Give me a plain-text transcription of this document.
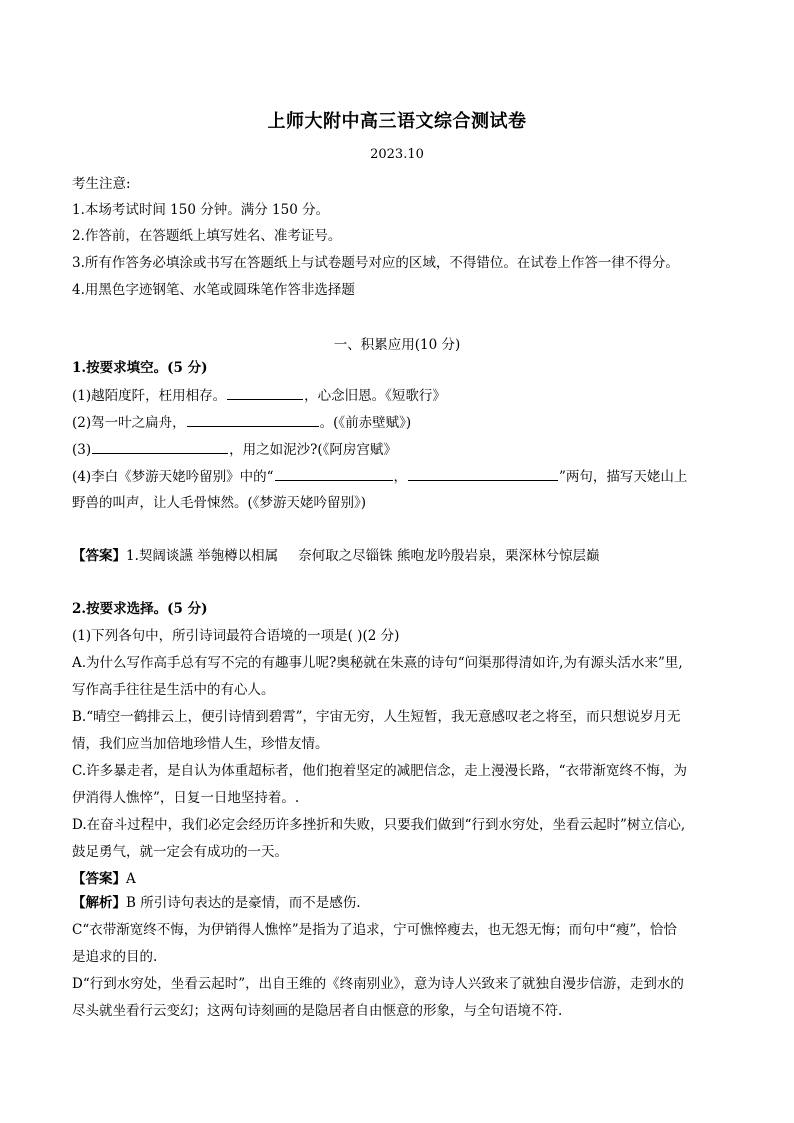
上师大附中高三语文综合测试卷
2023.10
考生注意:
1.本场考试时间 150 分钟。满分 150 分。
2.作答前，在答题纸上填写姓名、准考证号。
3.所有作答务必填涂或书写在答题纸上与试卷题号对应的区域，不得错位。在试卷上作答一律不得分。
4.用黑色字迹钢笔、水笔或圆珠笔作答非选择题
一、积累应用(10 分)
1.按要求填空。(5 分)
(1)越陌度阡，枉用相存。	，心念旧恩。《短歌行》
(2)驾一叶之扁舟，	。(《前赤壁赋》)
(3)	，用之如泥沙?(《阿房宫赋》
(4)李白《梦游天姥吟留别》中的“	，	”两句，描写天姥山上
野兽的叫声，让人毛骨悚然。(《梦游天姥吟留别》)
【答案】1.契阔谈讌 举匏樽以相属 奈何取之尽锱铢 熊咆龙吟殷岩泉，栗深林兮惊层巅
2.按要求选择。(5 分)
(1)下列各句中，所引诗词最符合语境的一项是( )(2 分)
A.为什么写作高手总有写不完的有趣事儿呢?奥秘就在朱熹的诗句“问渠那得清如许,为有源头活水来”里,
写作高手往往是生活中的有心人。
B.“晴空一鹤排云上，便引诗情到碧霄”，宇宙无穷，人生短暂，我无意感叹老之将至，而只想说岁月无
情，我们应当加倍地珍惜人生，珍惜友情。
C.许多暴走者，是自认为体重超标者，他们抱着坚定的减肥信念，走上漫漫长路，“衣带渐宽终不悔，为
伊消得人憔悴”，日复一日地坚持着。.
D.在奋斗过程中，我们必定会经历许多挫折和失败，只要我们做到“行到水穷处，坐看云起时”树立信心,
鼓足勇气，就一定会有成功的一天。
【答案】A
【解析】B 所引诗句表达的是豪情，而不是感伤.
C“衣带渐宽终不悔，为伊销得人憔悴”是指为了追求，宁可憔悴瘦去，也无怨无悔；而句中“瘦”，恰恰
是追求的目的.
D“行到水穷处，坐看云起时”，出自王维的《终南别业》，意为诗人兴致来了就独自漫步信游，走到水的
尽头就坐看行云变幻；这两句诗刻画的是隐居者自由惬意的形象，与全句语境不符.
